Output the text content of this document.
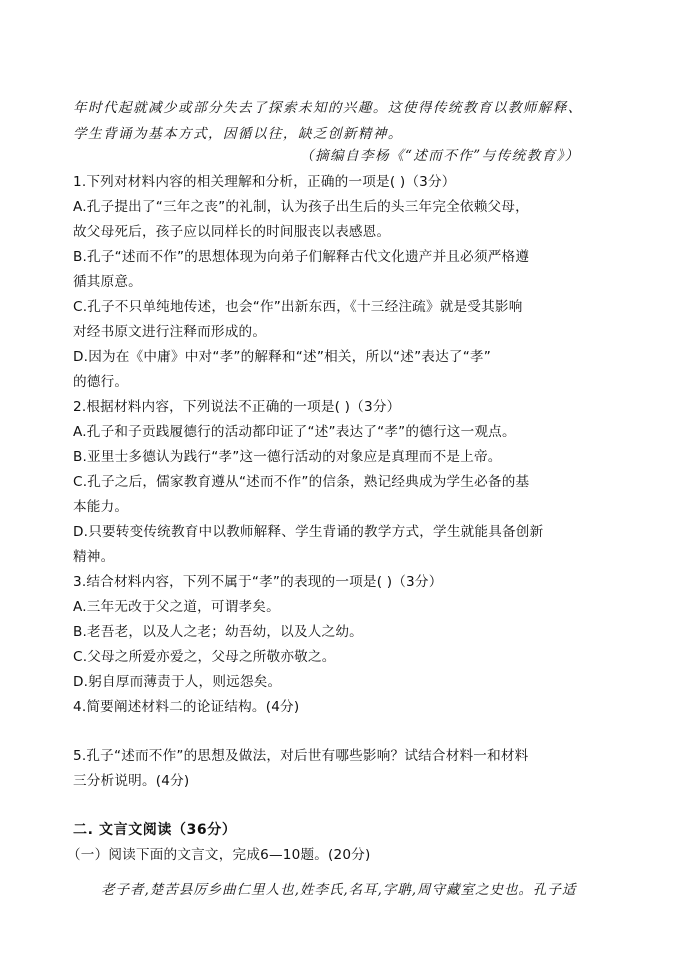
年时代起就减少或部分失去了探索未知的兴趣。这使得传统教育以教师解释、
学生背诵为基本方式，因循以往，缺乏创新精神。
（摘编自李杨《“述而不作”与传统教育》）
1.下列对材料内容的相关理解和分析，正确的一项是( )（3分）
A.孔子提出了“三年之丧”的礼制，认为孩子出生后的头三年完全依赖父母，
故父母死后，孩子应以同样长的时间服丧以表感恩。
B.孔子“述而不作”的思想体现为向弟子们解释古代文化遗产并且必须严格遵
循其原意。
C.孔子不只单纯地传述，也会“作”出新东西，《十三经注疏》就是受其影响
对经书原文进行注释而形成的。
D.因为在《中庸》中对“孝”的解释和“述”相关，所以“述”表达了“孝”
的德行。
2.根据材料内容，下列说法不正确的一项是( )（3分）
A.孔子和子贡践履德行的活动都印证了“述”表达了“孝”的德行这一观点。
B.亚里士多德认为践行“孝”这一德行活动的对象应是真理而不是上帝。
C.孔子之后，儒家教育遵从“述而不作”的信条，熟记经典成为学生必备的基
本能力。
D.只要转变传统教育中以教师解释、学生背诵的教学方式，学生就能具备创新
精神。
3.结合材料内容，下列不属于“孝”的表现的一项是( )（3分）
A.三年无改于父之道，可谓孝矣。
B.老吾老，以及人之老；幼吾幼，以及人之幼。
C.父母之所爱亦爱之，父母之所敬亦敬之。
D.躬自厚而薄责于人，则远怨矣。
4.简要阐述材料二的论证结构。(4分)
5.孔子“述而不作”的思想及做法，对后世有哪些影响？试结合材料一和材料
三分析说明。(4分)
二. 文言文阅读（36分）
（一）阅读下面的文言文，完成6—10题。(20分)
老子者,楚苦县厉乡曲仁里人也,姓李氏,名耳,字聃,周守藏室之史也。孔子适
